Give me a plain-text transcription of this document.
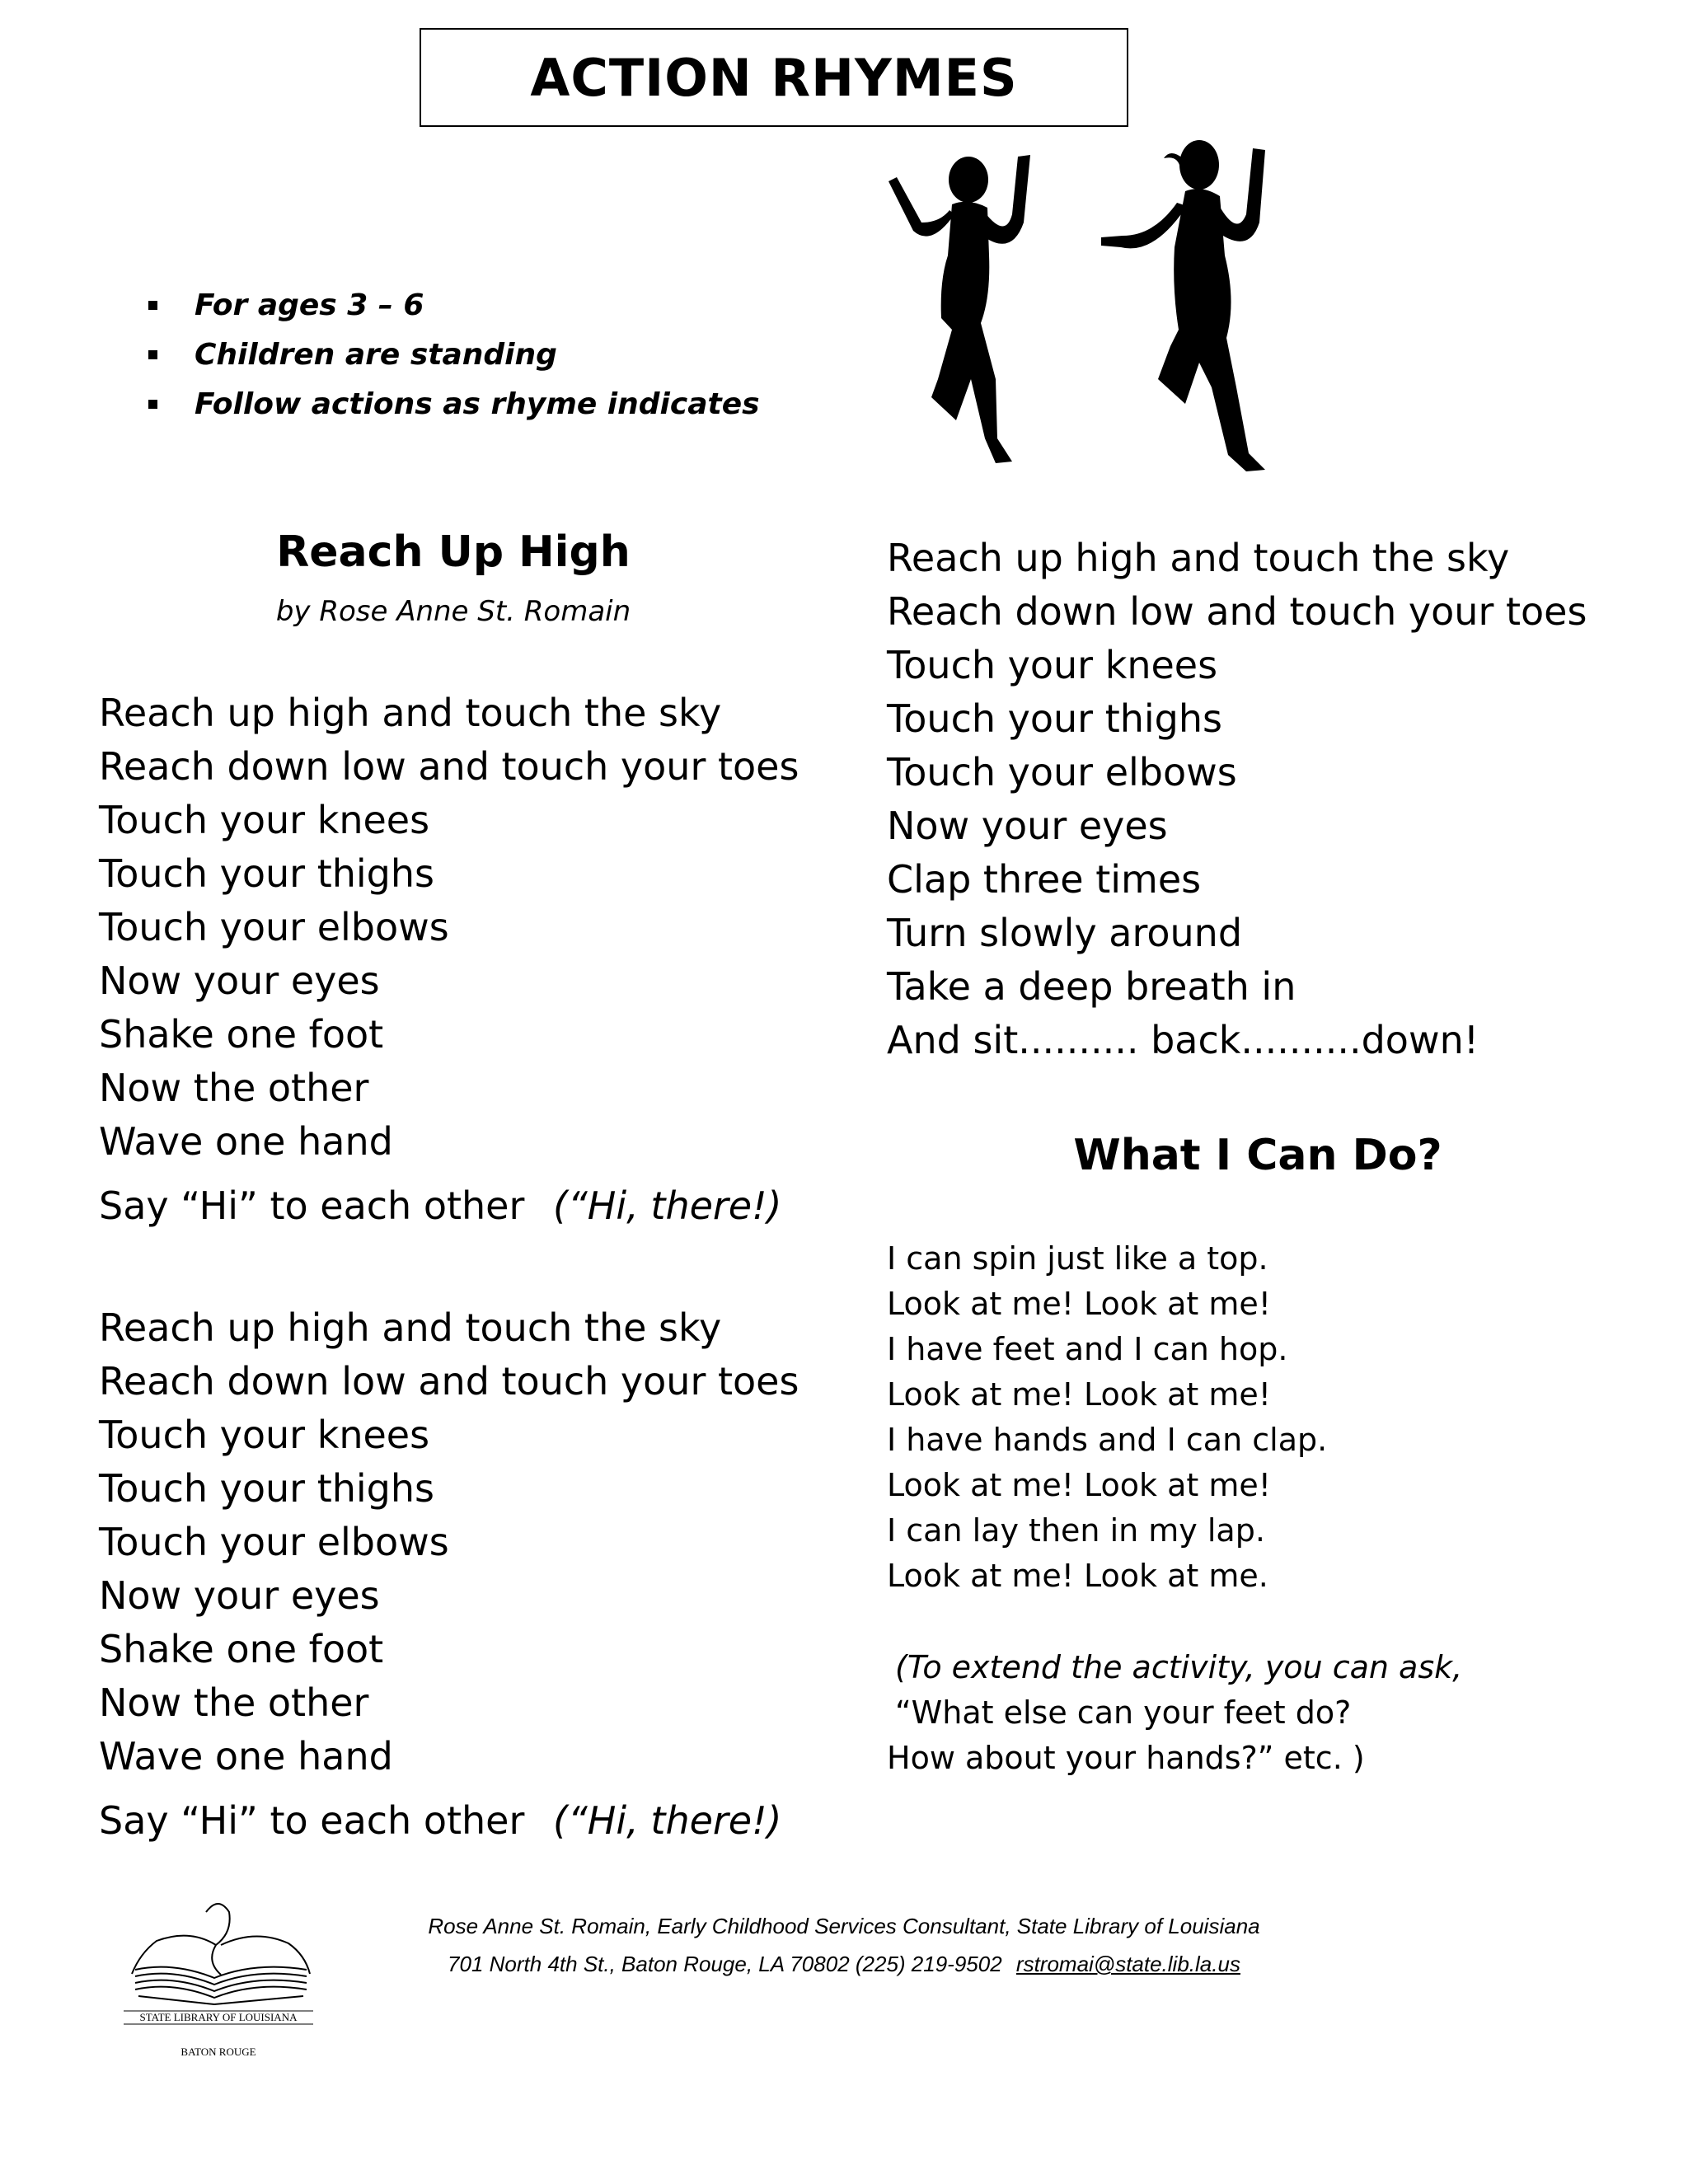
ACTION RHYMES
For ages 3 – 6
Children are standing
Follow actions as rhyme indicates
Reach Up High
by Rose Anne St. Romain
Reach up high and touch the sky
Reach down low and touch your toes
Touch your knees
Touch your thighs
Touch your elbows
Now your eyes
Shake one foot
Now the other
Wave one hand
Say “Hi” to each other (“Hi, there!)
Reach up high and touch the sky
Reach down low and touch your toes
Touch your knees
Touch your thighs
Touch your elbows
Now your eyes
Shake one foot
Now the other
Wave one hand
Say “Hi” to each other (“Hi, there!)
Reach up high and touch the sky
Reach down low and touch your toes
Touch your knees
Touch your thighs
Touch your elbows
Now your eyes
Clap three times
Turn slowly around
Take a deep breath in
And sit.......... back..........down!
What I Can Do?
I can spin just like a top.
Look at me! Look at me!
I have feet and I can hop.
Look at me! Look at me!
I have hands and I can clap.
Look at me! Look at me!
I can lay then in my lap.
Look at me! Look at me.
(To extend the activity, you can ask,
“What else can your feet do?
How about your hands?” etc. )
STATE LIBRARY OF LOUISIANA
BATON ROUGE
Rose Anne St. Romain, Early Childhood Services Consultant, State Library of Louisiana
701 North 4th St., Baton Rouge, LA 70802 (225) 219-9502 rstromai@state.lib.la.us
